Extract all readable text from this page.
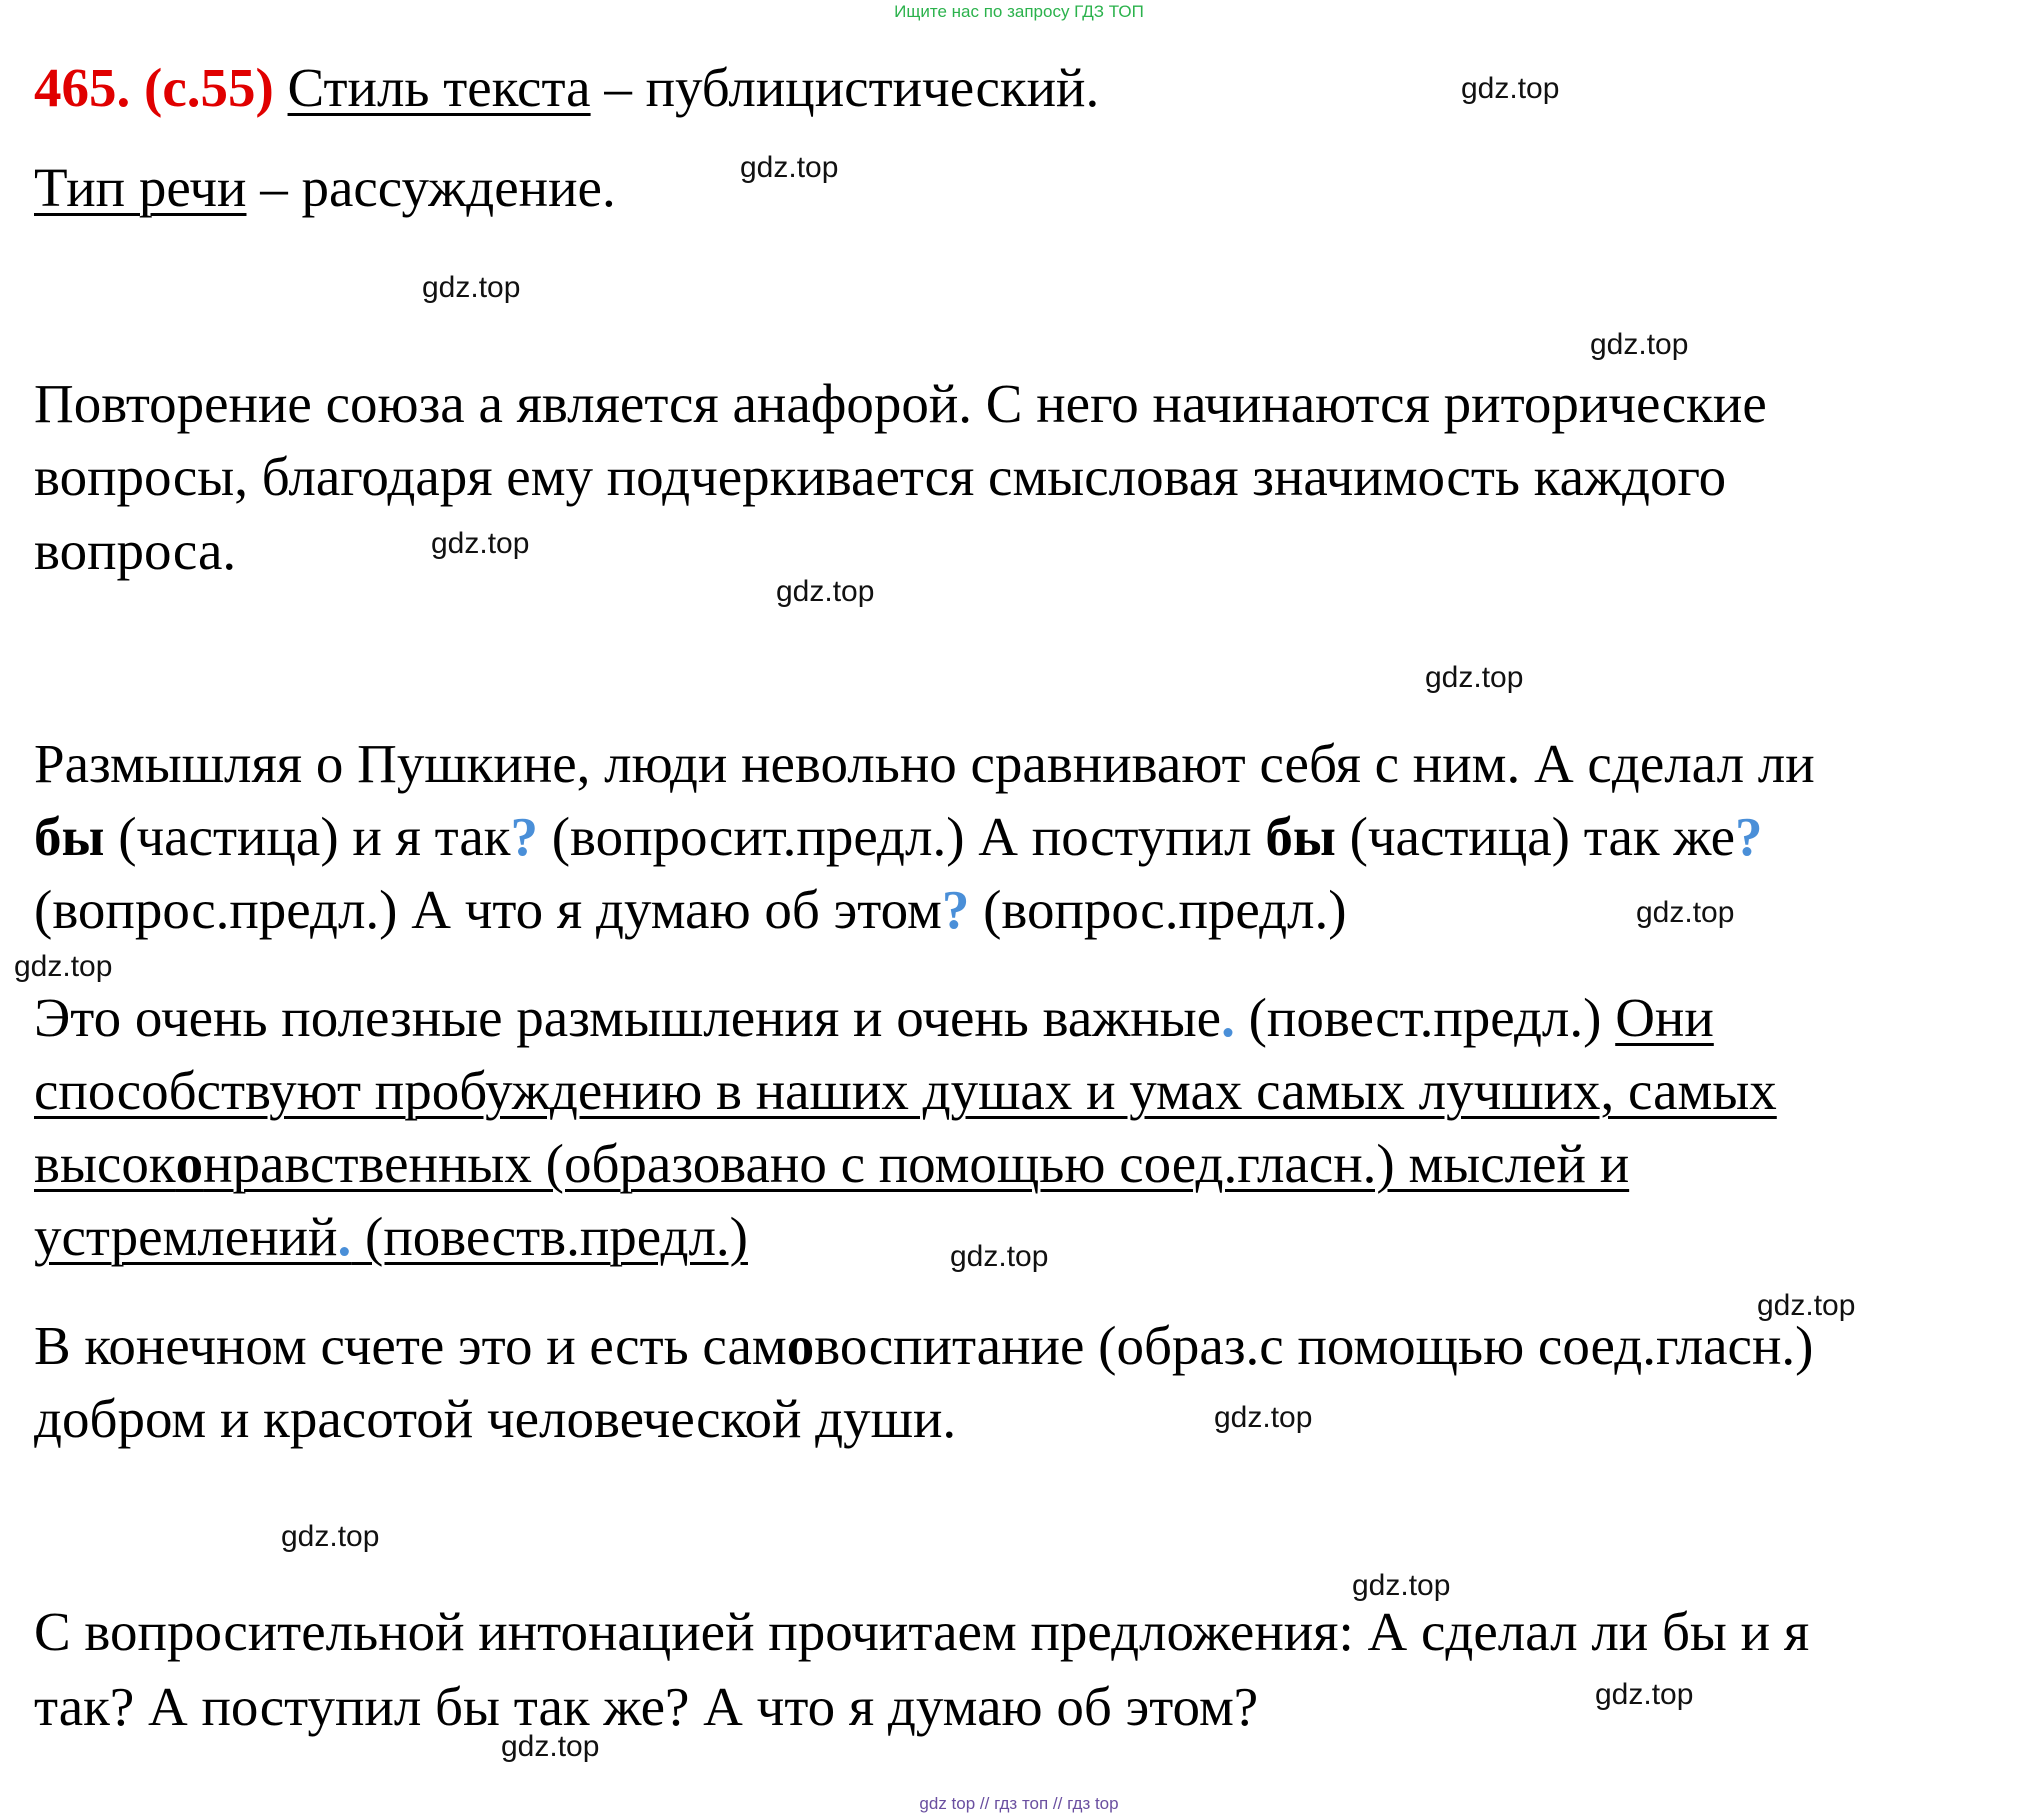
Ищите нас по запросу ГДЗ ТОП
465. (с.55) Стиль текста – публицистический.
Тип речи – рассуждение.
Повторение союза а является анафорой. С него начинаются риторические
вопросы, благодаря ему подчеркивается смысловая значимость каждого
вопроса.
Размышляя о Пушкине, люди невольно сравнивают себя с ним. А сделал ли
бы (частица) и я так? (вопросит.предл.) А поступил бы (частица) так же?
(вопрос.предл.) А что я думаю об этом? (вопрос.предл.)
Это очень полезные размышления и очень важные. (повест.предл.) Они
способствуют пробуждению в наших душах и умах самых лучших, самых
высоконравственных (образовано с помощью соед.гласн.) мыслей и
устремлений. (повеств.предл.)
В конечном счете это и есть самовоспитание (образ.с помощью соед.гласн.)
добром и красотой человеческой души.
С вопросительной интонацией прочитаем предложения: А сделал ли бы и я
так? А поступил бы так же? А что я думаю об этом?
gdz.top
gdz.top
gdz.top
gdz.top
gdz.top
gdz.top
gdz.top
gdz.top
gdz.top
gdz.top
gdz.top
gdz.top
gdz.top
gdz.top
gdz.top
gdz.top
gdz top // гдз топ // гдз top
